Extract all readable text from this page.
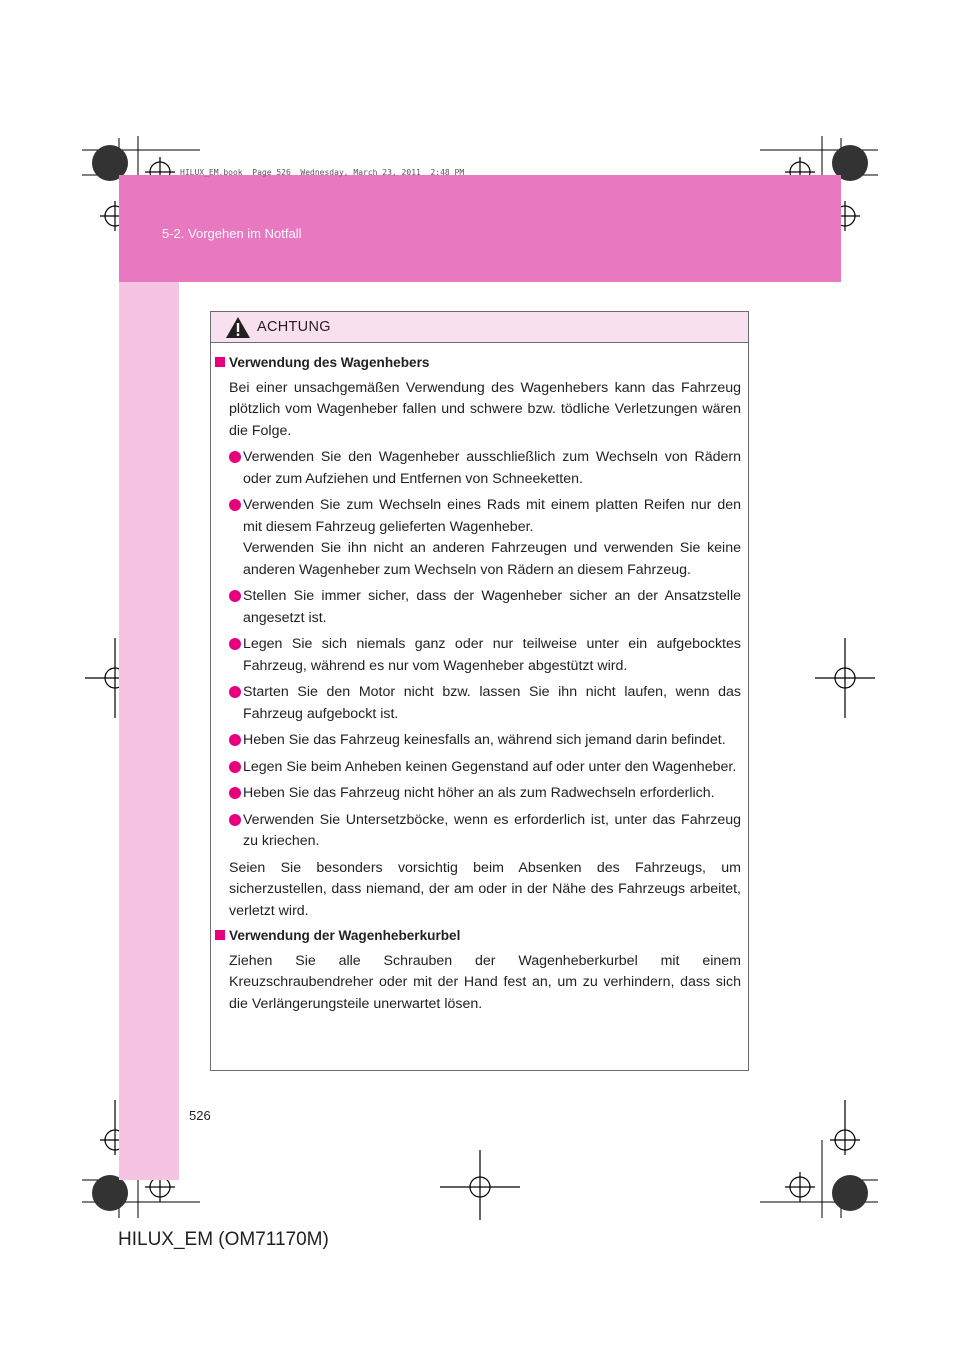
HILUX_EM.book  Page 526  Wednesday, March 23, 2011  2:48 PM
5-2. Vorgehen im Notfall
ACHTUNG
Verwendung des Wagenhebers
Bei einer unsachgemäßen Verwendung des Wagenhebers kann das Fahrzeug plötzlich vom Wagenheber fallen und schwere bzw. tödliche Verletzungen wären die Folge.
Verwenden Sie den Wagenheber ausschließlich zum Wechseln von Rädern oder zum Aufziehen und Entfernen von Schneeketten.
Verwenden Sie zum Wechseln eines Rads mit einem platten Reifen nur den mit diesem Fahrzeug gelieferten Wagenheber.
Verwenden Sie ihn nicht an anderen Fahrzeugen und verwenden Sie keine anderen Wagenheber zum Wechseln von Rädern an diesem Fahrzeug.
Stellen Sie immer sicher, dass der Wagenheber sicher an der Ansatzstelle angesetzt ist.
Legen Sie sich niemals ganz oder nur teilweise unter ein aufgebocktes Fahrzeug, während es nur vom Wagenheber abgestützt wird.
Starten Sie den Motor nicht bzw. lassen Sie ihn nicht laufen, wenn das Fahrzeug aufgebockt ist.
Heben Sie das Fahrzeug keinesfalls an, während sich jemand darin befindet.
Legen Sie beim Anheben keinen Gegenstand auf oder unter den Wagenheber.
Heben Sie das Fahrzeug nicht höher an als zum Radwechseln erforderlich.
Verwenden Sie Untersetzböcke, wenn es erforderlich ist, unter das Fahrzeug zu kriechen.
Seien Sie besonders vorsichtig beim Absenken des Fahrzeugs, um sicherzustellen, dass niemand, der am oder in der Nähe des Fahrzeugs arbeitet, verletzt wird.
Verwendung der Wagenheberkurbel
Ziehen Sie alle Schrauben der Wagenheberkurbel mit einem Kreuzschraubendreher oder mit der Hand fest an, um zu verhindern, dass sich die Verlängerungsteile unerwartet lösen.
526
HILUX_EM (OM71170M)
